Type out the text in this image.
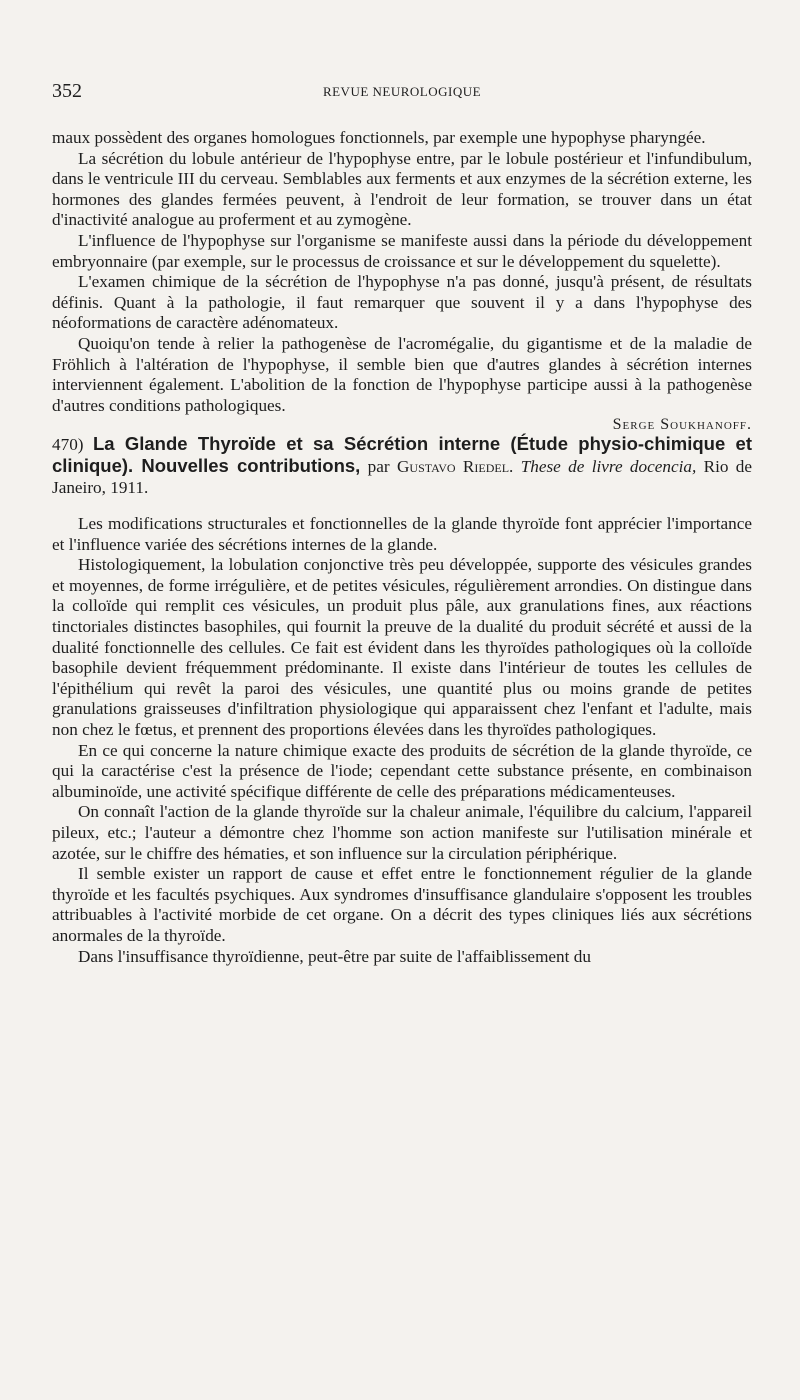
352	REVUE NEUROLOGIQUE

maux possèdent des organes homologues fonctionnels, par exemple une hypophyse pharyngée.

La sécrétion du lobule antérieur de l'hypophyse entre, par le lobule postérieur et l'infundibulum, dans le ventricule III du cerveau. Semblables aux ferments et aux enzymes de la sécrétion externe, les hormones des glandes fermées peuvent, à l'endroit de leur formation, se trouver dans un état d'inactivité analogue au proferment et au zymogène.

L'influence de l'hypophyse sur l'organisme se manifeste aussi dans la période du développement embryonnaire (par exemple, sur le processus de croissance et sur le développement du squelette).

L'examen chimique de la sécrétion de l'hypophyse n'a pas donné, jusqu'à présent, de résultats définis. Quant à la pathologie, il faut remarquer que souvent il y a dans l'hypophyse des néoformations de caractère adénomateux.

Quoiqu'on tende à relier la pathogenèse de l'acromégalie, du gigantisme et de la maladie de Fröhlich à l'altération de l'hypophyse, il semble bien que d'autres glandes à sécrétion internes interviennent également. L'abolition de la fonction de l'hypophyse participe aussi à la pathogenèse d'autres conditions pathologiques.

Serge Soukhanoff.

470) La Glande Thyroïde et sa Sécrétion interne (Étude physio-chimique et clinique). Nouvelles contributions, par Gustavo Riedel. These de livre docencia, Rio de Janeiro, 1911.

Les modifications structurales et fonctionnelles de la glande thyroïde font apprécier l'importance et l'influence variée des sécrétions internes de la glande.

Histologiquement, la lobulation conjonctive très peu développée, supporte des vésicules grandes et moyennes, de forme irrégulière, et de petites vésicules, régulièrement arrondies. On distingue dans la colloïde qui remplit ces vésicules, un produit plus pâle, aux granulations fines, aux réactions tinctoriales distinctes basophiles, qui fournit la preuve de la dualité du produit sécrété et aussi de la dualité fonctionnelle des cellules. Ce fait est évident dans les thyroïdes pathologiques où la colloïde basophile devient fréquemment prédominante. Il existe dans l'intérieur de toutes les cellules de l'épithélium qui revêt la paroi des vésicules, une quantité plus ou moins grande de petites granulations graisseuses d'infiltration physiologique qui apparaissent chez l'enfant et l'adulte, mais non chez le fœtus, et prennent des proportions élevées dans les thyroïdes pathologiques.

En ce qui concerne la nature chimique exacte des produits de sécrétion de la glande thyroïde, ce qui la caractérise c'est la présence de l'iode; cependant cette substance présente, en combinaison albuminoïde, une activité spécifique différente de celle des préparations médicamenteuses.

On connaît l'action de la glande thyroïde sur la chaleur animale, l'équilibre du calcium, l'appareil pileux, etc.; l'auteur a démontre chez l'homme son action manifeste sur l'utilisation minérale et azotée, sur le chiffre des hématies, et son influence sur la circulation périphérique.

Il semble exister un rapport de cause et effet entre le fonctionnement régulier de la glande thyroïde et les facultés psychiques. Aux syndromes d'insuffisance glandulaire s'opposent les troubles attribuables à l'activité morbide de cet organe. On a décrit des types cliniques liés aux sécrétions anormales de la thyroïde.

Dans l'insuffisance thyroïdienne, peut-être par suite de l'affaiblissement du
